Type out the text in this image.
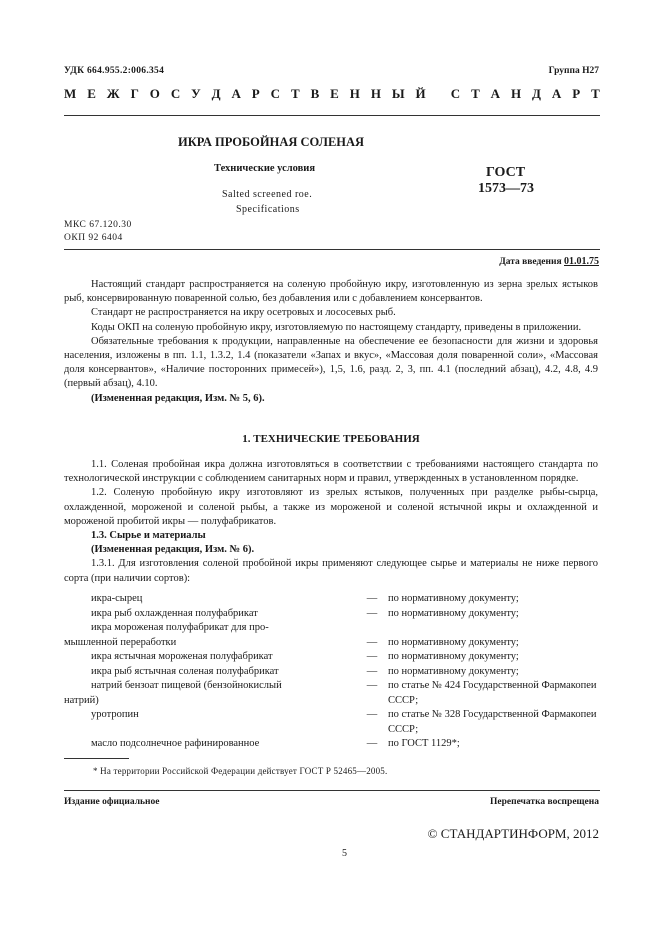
УДК 664.955.2:006.354	Группа Н27
М Е Ж Г О С У Д А Р С Т В Е Н Н Ы Й
С Т А Н Д А Р Т
ИКРА ПРОБОЙНАЯ СОЛЕНАЯ
Технические условия	ГОСТ
1573—73
Salted screened roe.
Specifications
МКС 67.120.30
ОКП 92 6404
Дата введения 01.01.75

Настоящий стандарт распространяется на соленую пробойную икру, изготовленную из зерна зрелых ястыков рыб, консервированную поваренной солью, без добавления или с добавлением консервантов.

Стандарт не распространяется на икру осетровых и лососевых рыб.

Коды ОКП на соленую пробойную икру, изготовляемую по настоящему стандарту, приведены в приложении.

Обязательные требования к продукции, направленные на обеспечение ее безопасности для жизни и здоровья населения, изложены в пп. 1.1, 1.3.2, 1.4 (показатели «Запах и вкус», «Массовая доля поваренной соли», «Массовая доля консервантов», «Наличие посторонних примесей»), 1,5, 1.6, разд. 2, 3, пп. 4.1 (последний абзац), 4.2, 4.8, 4.9 (первый абзац), 4.10.

(Измененная редакция, Изм. № 5, 6).

1. ТЕХНИЧЕСКИЕ ТРЕБОВАНИЯ

1.1. Соленая пробойная икра должна изготовляться в соответствии с требованиями настоящего стандарта по технологической инструкции с соблюдением санитарных норм и правил, утвержденных в установленном порядке.

1.2. Соленую пробойную икру изготовляют из зрелых ястыков, полученных при разделке рыбы-сырца, охлажденной, мороженой и соленой рыбы, а также из мороженой и соленой ястычной икры и охлажденной и мороженой пробитой икры — полуфабрикатов.

1.3. Сырье и материалы

(Измененная редакция, Изм. № 6).

1.3.1. Для изготовления соленой пробойной икры применяют следующее сырье и материалы не ниже первого сорта (при наличии сортов):

икра-сырец	—	по нормативному документу;
икра рыб охлажденная полуфабрикат	—	по нормативному документу;
икра мороженая полуфабрикат для про-
мышленной переработки	—	по нормативному документу;
икра ястычная мороженая полуфабрикат	—	по нормативному документу;
икра рыб ястычная соленая полуфабрикат	—	по нормативному документу;
натрий бензоат пищевой (бензойнокислый
натрий)
—	по статье № 424 Государственной Фармакопеи СССР;
уротропин	—	по статье № 328 Государственной Фармакопеи СССР;
масло подсолнечное рафинированное	—	по ГОСТ 1129*;
* На территории Российской Федерации действует ГОСТ Р 52465—2005.
Издание официальное	Перепечатка воспрещена
© СТАНДАРТИНФОРМ, 2012
5
